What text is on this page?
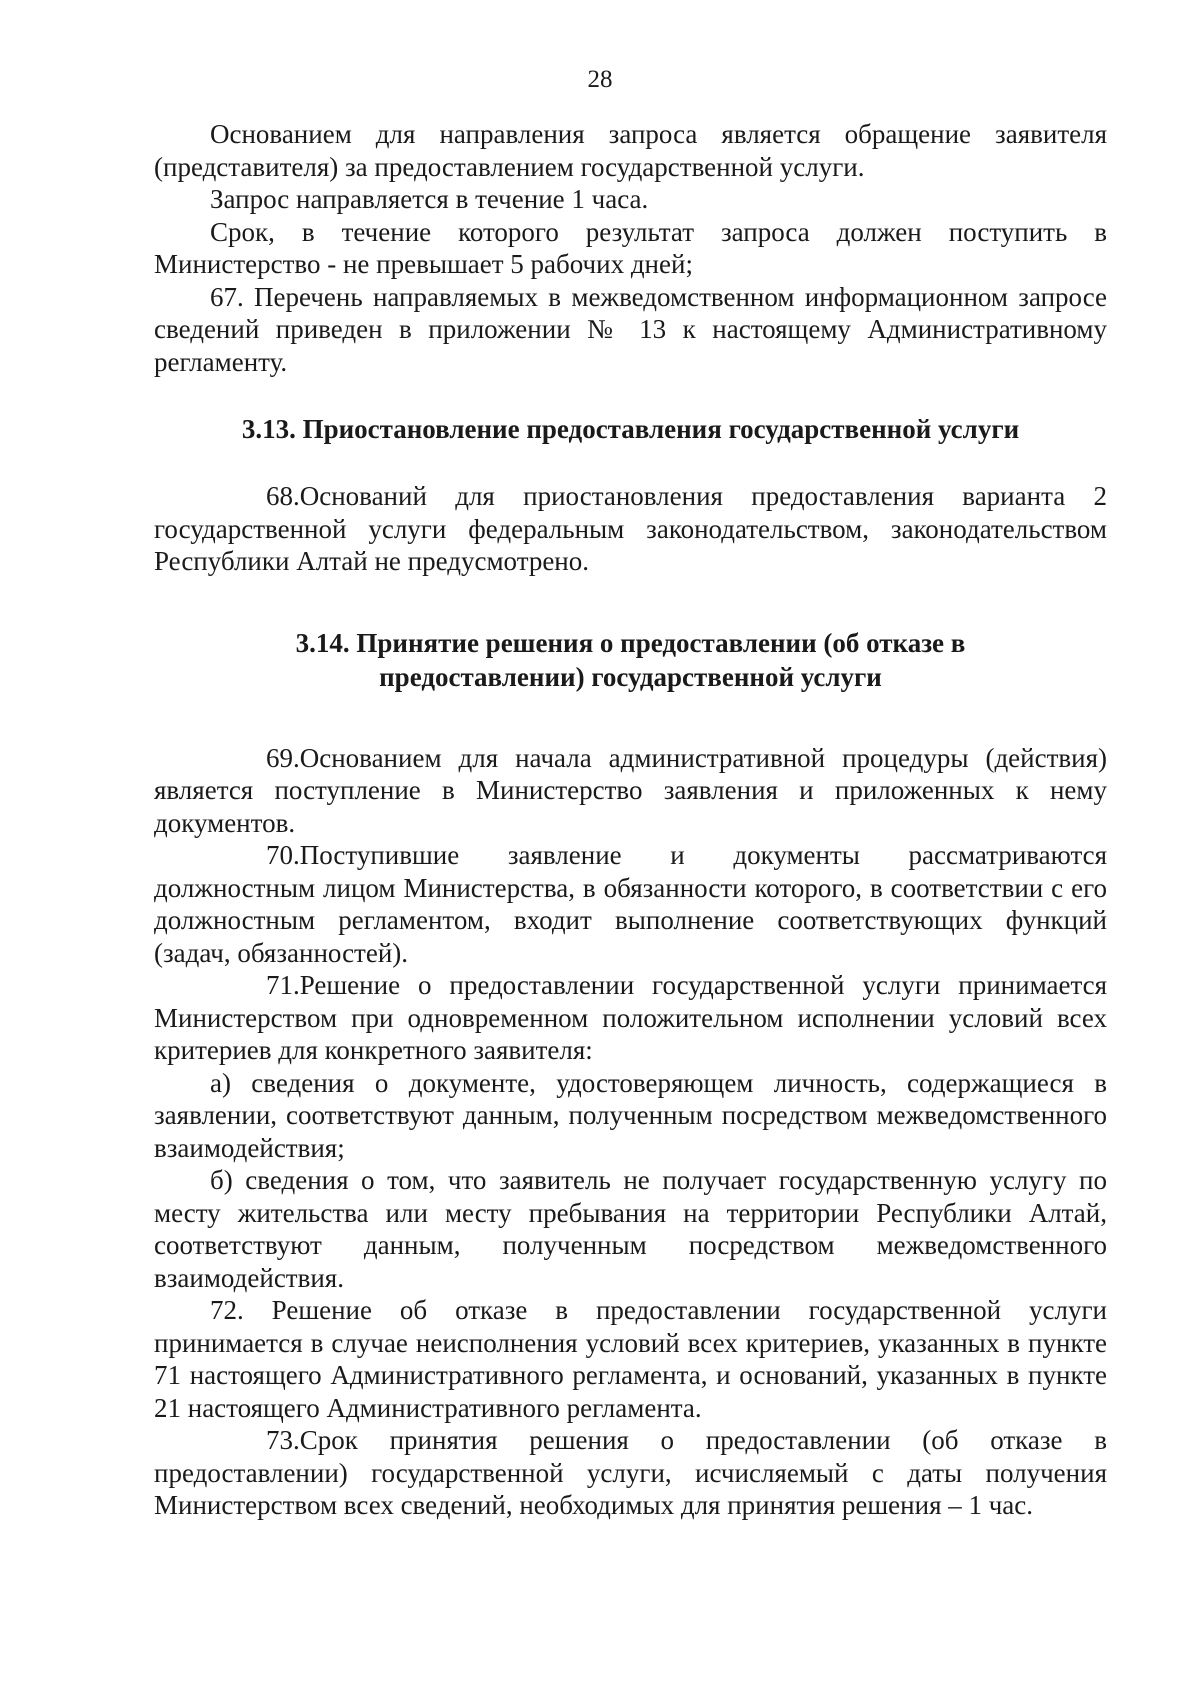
28

Основанием для направления запроса является обращение заявителя (представителя) за предоставлением государственной услуги.

Запрос направляется в течение 1 часа.

Срок, в течение которого результат запроса должен поступить в Министерство - не превышает 5 рабочих дней;

67. Перечень направляемых в межведомственном информационном запросе сведений приведен в приложении № 13 к настоящему Административному регламенту.

3.13. Приостановление предоставления государственной услуги

68.Оснований для приостановления предоставления варианта 2 государственной услуги федеральным законодательством, законодательством Республики Алтай не предусмотрено.

3.14. Принятие решения о предоставлении (об отказе в
предоставлении) государственной услуги

69.Основанием для начала административной процедуры (действия) является поступление в Министерство заявления и приложенных к нему документов.

70.Поступившие заявление и документы рассматриваются должностным лицом Министерства, в обязанности которого, в соответствии с его должностным регламентом, входит выполнение соответствующих функций (задач, обязанностей).

71.Решение о предоставлении государственной услуги принимается Министерством при одновременном положительном исполнении условий всех критериев для конкретного заявителя:

а) сведения о документе, удостоверяющем личность, содержащиеся в заявлении, соответствуют данным, полученным посредством межведомственного взаимодействия;

б) сведения о том, что заявитель не получает государственную услугу по месту жительства или месту пребывания на территории Республики Алтай, соответствуют данным, полученным посредством межведомственного взаимодействия.

72. Решение об отказе в предоставлении государственной услуги принимается в случае неисполнения условий всех критериев, указанных в пункте 71 настоящего Административного регламента, и оснований, указанных в пункте 21 настоящего Административного регламента.

73.Срок принятия решения о предоставлении (об отказе в предоставлении) государственной услуги, исчисляемый с даты получения Министерством всех сведений, необходимых для принятия решения – 1 час.
